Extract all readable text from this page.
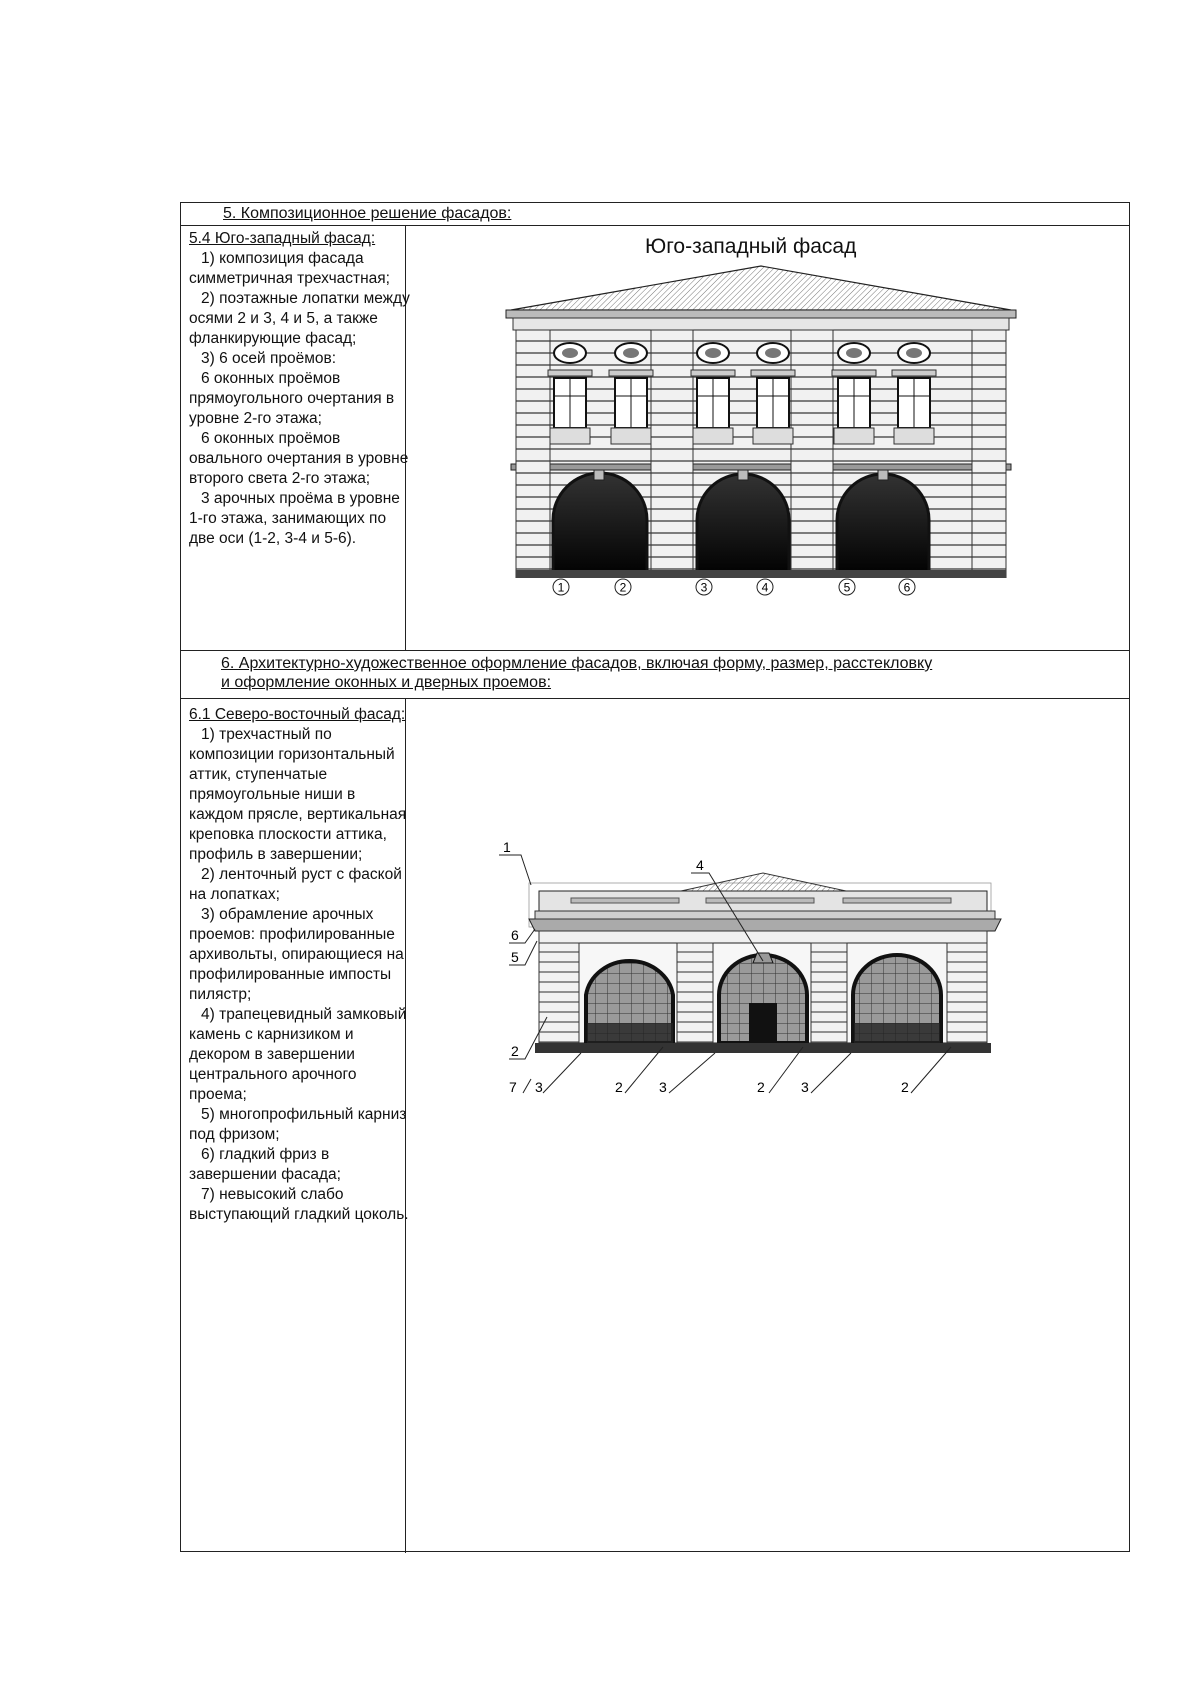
5. Композиционное решение фасадов:
5.4 Юго-западный фасад:
1) композиция фасада симметричная трехчастная;
2) поэтажные лопатки между осями 2 и 3, 4 и 5, а также фланкирующие фасад;
3) 6 осей проёмов:
6 оконных проёмов прямоугольного очертания в уровне 2-го этажа;
6 оконных проёмов овального очертания в уровне второго света 2-го этажа;
3 арочных проёма в уровне 1-го этажа, занимающих по две оси (1-2, 3-4 и 5-6).
Юго-западный фасад
1	2	3	4	5	6
6. Архитектурно-художественное оформление фасадов, включая форму, размер, расстекловку
и оформление оконных и дверных проемов:
6.1 Северо-восточный фасад:
1) трехчастный по композиции горизонтальный аттик, ступенчатые прямоугольные ниши в каждом прясле, вертикальная креповка плоскости аттика, профиль в завершении;
2) ленточный руст с фаской на лопатках;
3) обрамление арочных проемов: профилированные архивольты, опирающиеся на профилированные импосты пилястр;
4) трапецевидный замковый камень с карнизиком и декором в завершении центрального арочного проема;
5) многопрофильный карниз под фризом;
6) гладкий фриз в завершении фасада;
7) невысокий слабо выступающий гладкий цоколь.
1
4
6
5
2
7 3	2	3	2	3	2
